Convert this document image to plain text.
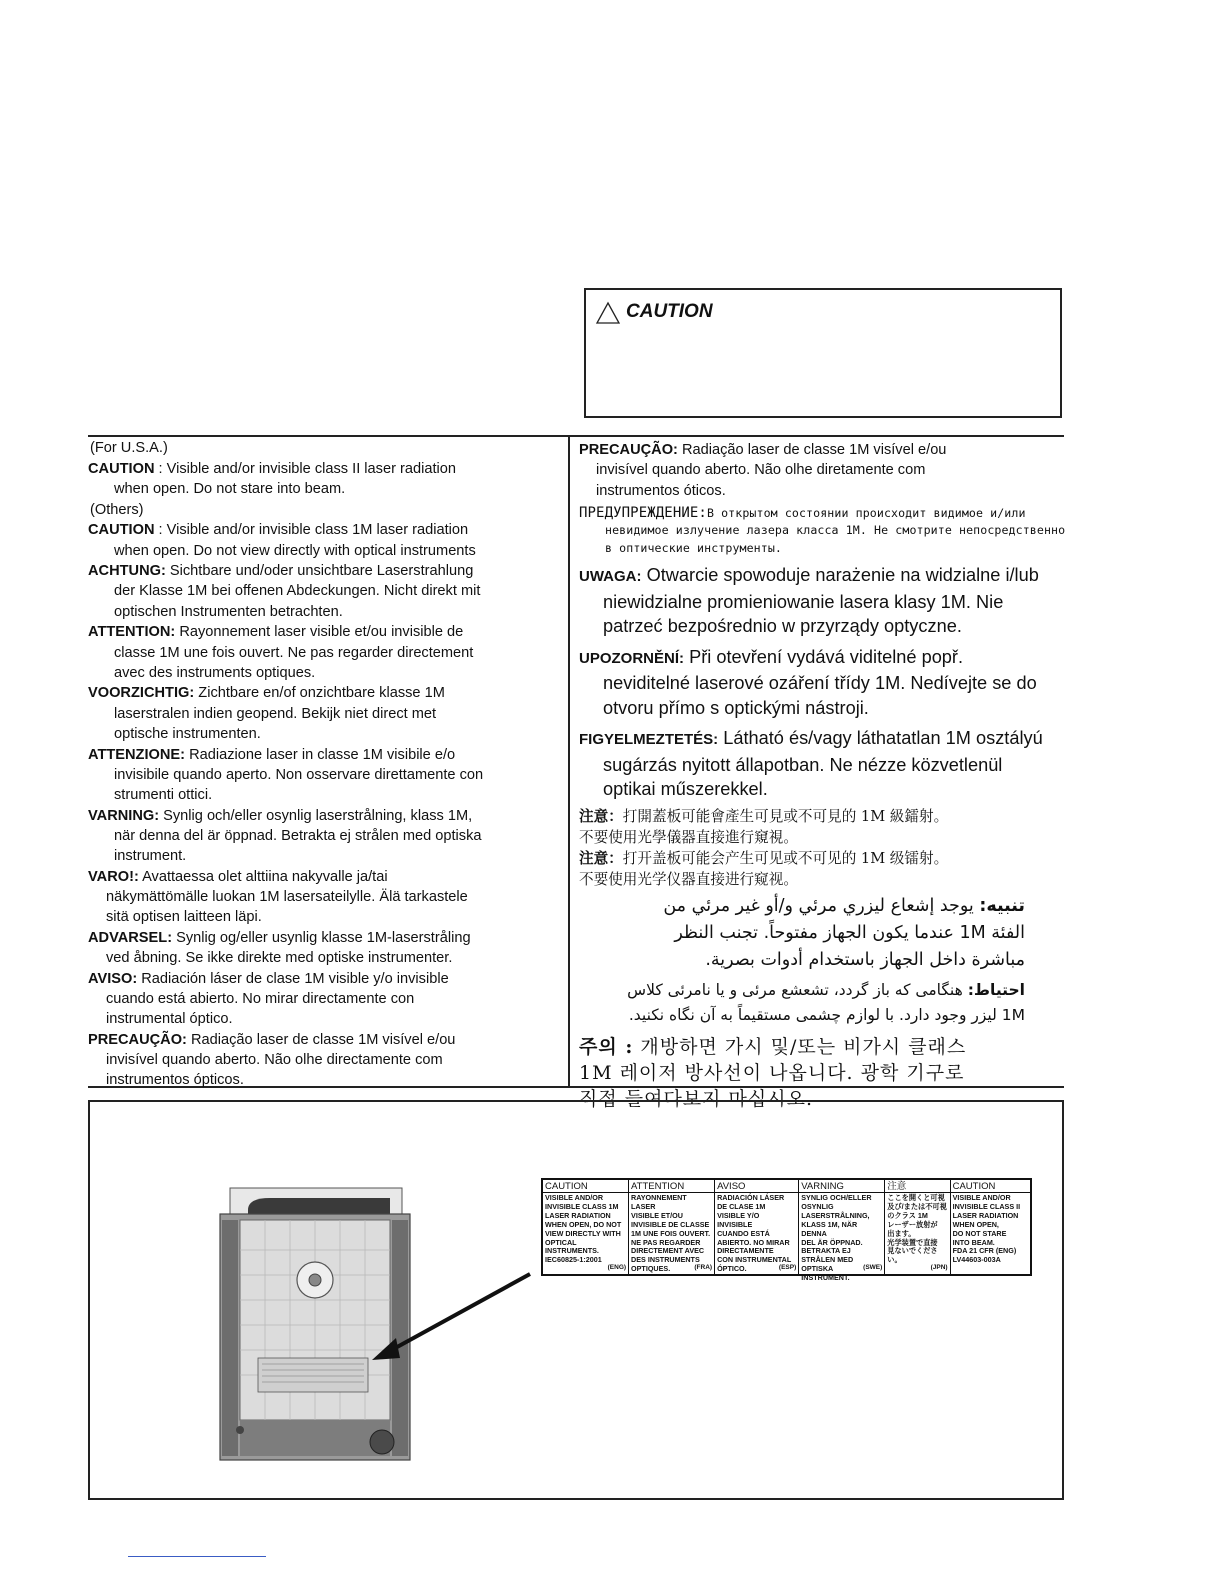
CAUTION
(For U.S.A.)
CAUTION : Visible and/or invisible class II laser radiation
when open. Do not stare into beam.
(Others)
CAUTION : Visible and/or invisible class 1M laser radiation
when open. Do not view directly with optical instruments
ACHTUNG: Sichtbare und/oder unsichtbare Laserstrahlung
der Klasse 1M bei offenen Abdeckungen. Nicht direkt mit
optischen Instrumenten betrachten.
ATTENTION: Rayonnement laser visible et/ou invisible de
classe 1M une fois ouvert. Ne pas regarder directement
avec des instruments optiques.
VOORZICHTIG: Zichtbare en/of onzichtbare klasse 1M
laserstralen indien geopend. Bekijk niet direct met
optische instrumenten.
ATTENZIONE: Radiazione laser in classe 1M visibile e/o
invisibile quando aperto. Non osservare direttamente con
strumenti ottici.
VARNING: Synlig och/eller osynlig laserstrålning, klass 1M,
när denna del är öppnad. Betrakta ej strålen med optiska
instrument.
VARO!: Avattaessa olet alttiina nakyvalle ja/tai
näkymättömälle luokan 1M lasersateilylle. Älä tarkastele
sitä optisen laitteen läpi.
ADVARSEL: Synlig og/eller usynlig klasse 1M-laserstråling
ved åbning. Se ikke direkte med optiske instrumenter.
AVISO: Radiación láser de clase 1M visible y/o invisible
cuando está abierto. No mirar directamente con
instrumental óptico.
PRECAUÇÃO: Radiação laser de classe 1M visível e/ou
invisível quando aberto. Não olhe directamente com
instrumentos ópticos.
PRECAUÇÃO: Radiação laser de classe 1M visível e/ou
invisível quando aberto. Não olhe diretamente com
instrumentos óticos.
ПРЕДУПРЕЖДЕНИЕ:В открытом состоянии происходит видимое и/или
невидимое излучение лазера класса 1М. Не смотрите непосредственно
в оптические инструменты.
UWAGA: Otwarcie spowoduje narażenie na widzialne i/lub
niewidzialne promieniowanie lasera klasy 1M. Nie
patrzeć bezpośrednio w przyrządy optyczne.
UPOZORNĚNÍ: Při otevření vydává viditelné popř.
neviditelné laserové ozáření třídy 1M. Nedívejte se do
otvoru přímo s optickými nástroji.
FIGYELMEZTETÉS: Látható és/vagy láthatatlan 1M osztályú
sugárzás nyitott állapotban. Ne nézze közvetlenül
optikai műszerekkel.
注意：打開蓋板可能會產生可見或不可見的 1M 級鐳射。
不要使用光學儀器直接進行窺視。
注意：打开盖板可能会产生可见或不可见的 1M 级镭射。
不要使用光学仪器直接进行窥视。
تنبيه: يوجد إشعاع ليزري مرئي و/أو غير مرئي من
الفئة 1M عندما يكون الجهاز مفتوحاً. تجنب النظر
مباشرة داخل الجهاز باستخدام أدوات بصرية.
احتياط: هنگامی که باز گردد، تشعشع مرئی و یا نامرئی کلاس
1M لیزر وجود دارد. با لوازم چشمی مستقیماً به آن نگاه نکنید.
주의 : 개방하면 가시 및/또는 비가시 클래스
1M 레이저 방사선이 나옵니다. 광학 기구로
직접 들여다보지 마십시오.
CAUTION
VISIBLE AND/OR
INVISIBLE CLASS 1M
LASER RADIATION
WHEN OPEN, DO NOT
VIEW DIRECTLY WITH
OPTICAL INSTRUMENTS.
IEC60825-1:2001
(ENG)
ATTENTION
RAYONNEMENT LASER
VISIBLE ET/OU
INVISIBLE DE CLASSE
1M UNE FOIS OUVERT.
NE PAS REGARDER
DIRECTEMENT AVEC
DES INSTRUMENTS
OPTIQUES.	(FRA)
AVISO
RADIACIÓN LÁSER
DE CLASE 1M
VISIBLE Y/O INVISIBLE
CUANDO ESTÁ
ABIERTO. NO MIRAR
DIRECTAMENTE
CON INSTRUMENTAL
ÓPTICO.	(ESP)
VARNING
SYNLIG OCH/ELLER
OSYNLIG
LASERSTRÅLNING,
KLASS 1M, NÄR DENNA
DEL ÄR ÖPPNAD.
BETRAKTA EJ
STRÅLEN MED OPTISKA
INSTRUMENT.
(SWE)
注意
ここを開くと可視
及び/または不可視
のクラス 1M
レーザー放射が
出ます。
光学装置で直接
見ないでください。
(JPN)
CAUTION
VISIBLE AND/OR
INVISIBLE CLASS II
LASER RADIATION
WHEN OPEN,
DO NOT STARE
INTO BEAM.
FDA 21 CFR (ENG)
LV44603-003A
